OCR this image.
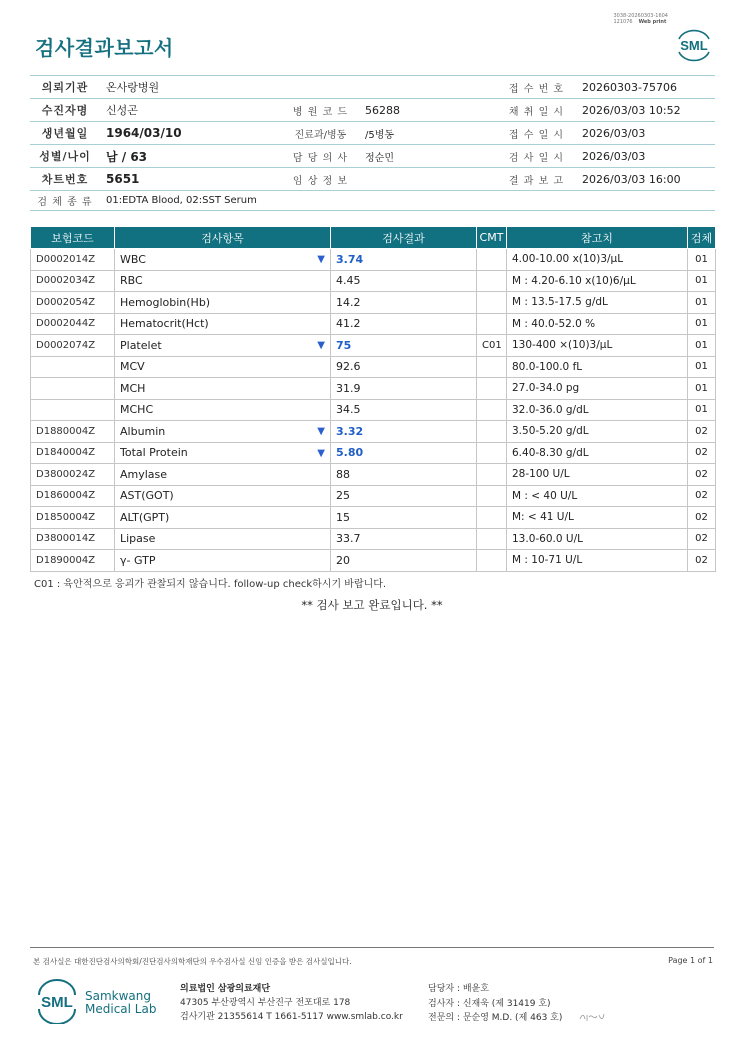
3038-20260303-1604
121076 Web print
검사결과보고서	SML
의뢰기관	온사랑병원			접 수 번 호	20260303-75706
수진자명	신성곤	병 원 코 드	56288	채 취 일 시	2026/03/03 10:52
생년월일	1964/03/10	진료과/병동	/5병동	접 수 일 시	2026/03/03
성별/나이	남 / 63	담 당 의 사	정순민	검 사 일 시	2026/03/03
차트번호	5651	임 상 정 보		결 과 보 고	2026/03/03 16:00
검 체 종 류	01:EDTA Blood, 02:SST Serum				
보험코드	검사항목	검사결과	CMT	참고치	검체
D0002014Z	WBC ▼	3.74		4.00-10.00 x(10)3/μL	01
D0002034Z	RBC	4.45		M : 4.20-6.10 x(10)6/μL	01
D0002054Z	Hemoglobin(Hb)	14.2		M : 13.5-17.5 g/dL	01
D0002044Z	Hematocrit(Hct)	41.2		M : 40.0-52.0 %	01
D0002074Z	Platelet ▼	75	C01	130-400 ×(10)3/μL	01
	MCV	92.6		80.0-100.0 fL	01
	MCH	31.9		27.0-34.0 pg	01
	MCHC	34.5		32.0-36.0 g/dL	01
D1880004Z	Albumin ▼	3.32		3.50-5.20 g/dL	02
D1840004Z	Total Protein ▼	5.80		6.40-8.30 g/dL	02
D3800024Z	Amylase	88		28-100 U/L	02
D1860004Z	AST(GOT)	25		M : < 40 U/L	02
D1850004Z	ALT(GPT)	15		M: < 41 U/L	02
D3800014Z	Lipase	33.7		13.0-60.0 U/L	02
D1890004Z	γ- GTP	20		M : 10-71 U/L	02
C01 : 육안적으로 응괴가 관찰되지 않습니다. follow-up check하시기 바랍니다.
** 검사 보고 완료입니다. **
본 검사실은 대한진단검사의학회/진단검사의학재단의 우수검사실 신임 인증을 받은 검사실입니다.	Page 1 of 1
SML Samkwang
Medical Lab
의료법인 삼광의료재단
47305 부산광역시 부산진구 전포대로 178
검사기관 21355614 T 1661-5117 www.smlab.co.kr
담당자 : 배윤호
검사자 : 신재욱 (제 31419 호)
전문의 : 문순영 M.D. (제 463 호)
